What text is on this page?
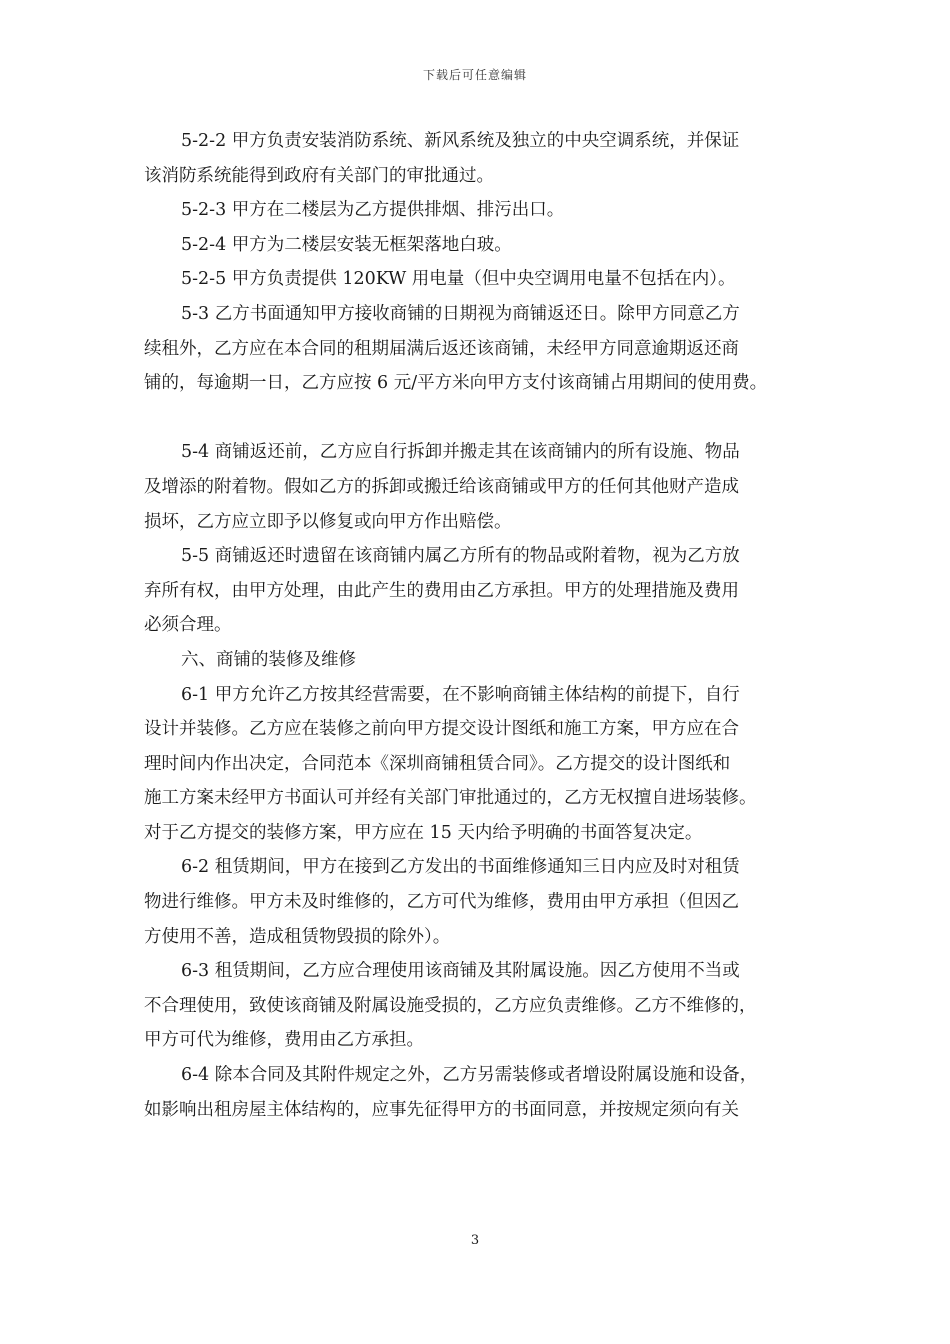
下载后可任意编辑

5-2-2 甲方负责安装消防系统、新风系统及独立的中央空调系统，并保证
该消防系统能得到政府有关部门的审批通过。

5-2-3 甲方在二楼层为乙方提供排烟、排污出口。

5-2-4 甲方为二楼层安装无框架落地白玻。

5-2-5 甲方负责提供 120KW 用电量（但中央空调用电量不包括在内）。

5-3 乙方书面通知甲方接收商铺的日期视为商铺返还日。除甲方同意乙方
续租外，乙方应在本合同的租期届满后返还该商铺，未经甲方同意逾期返还商
铺的，每逾期一日，乙方应按 6 元/平方米向甲方支付该商铺占用期间的使用费。

5-4 商铺返还前，乙方应自行拆卸并搬走其在该商铺内的所有设施、物品
及增添的附着物。假如乙方的拆卸或搬迁给该商铺或甲方的任何其他财产造成
损坏，乙方应立即予以修复或向甲方作出赔偿。

5-5 商铺返还时遗留在该商铺内属乙方所有的物品或附着物，视为乙方放
弃所有权，由甲方处理，由此产生的费用由乙方承担。甲方的处理措施及费用
必须合理。

六、商铺的装修及维修

6-1 甲方允许乙方按其经营需要，在不影响商铺主体结构的前提下，自行
设计并装修。乙方应在装修之前向甲方提交设计图纸和施工方案，甲方应在合
理时间内作出决定，合同范本《深圳商铺租赁合同》。乙方提交的设计图纸和
施工方案未经甲方书面认可并经有关部门审批通过的，乙方无权擅自进场装修。
对于乙方提交的装修方案，甲方应在 15 天内给予明确的书面答复决定。

6-2 租赁期间，甲方在接到乙方发出的书面维修通知三日内应及时对租赁
物进行维修。甲方未及时维修的，乙方可代为维修，费用由甲方承担（但因乙
方使用不善，造成租赁物毁损的除外）。

6-3 租赁期间，乙方应合理使用该商铺及其附属设施。因乙方使用不当或
不合理使用，致使该商铺及附属设施受损的，乙方应负责维修。乙方不维修的，
甲方可代为维修，费用由乙方承担。

6-4 除本合同及其附件规定之外，乙方另需装修或者增设附属设施和设备，
如影响出租房屋主体结构的，应事先征得甲方的书面同意，并按规定须向有关

3
